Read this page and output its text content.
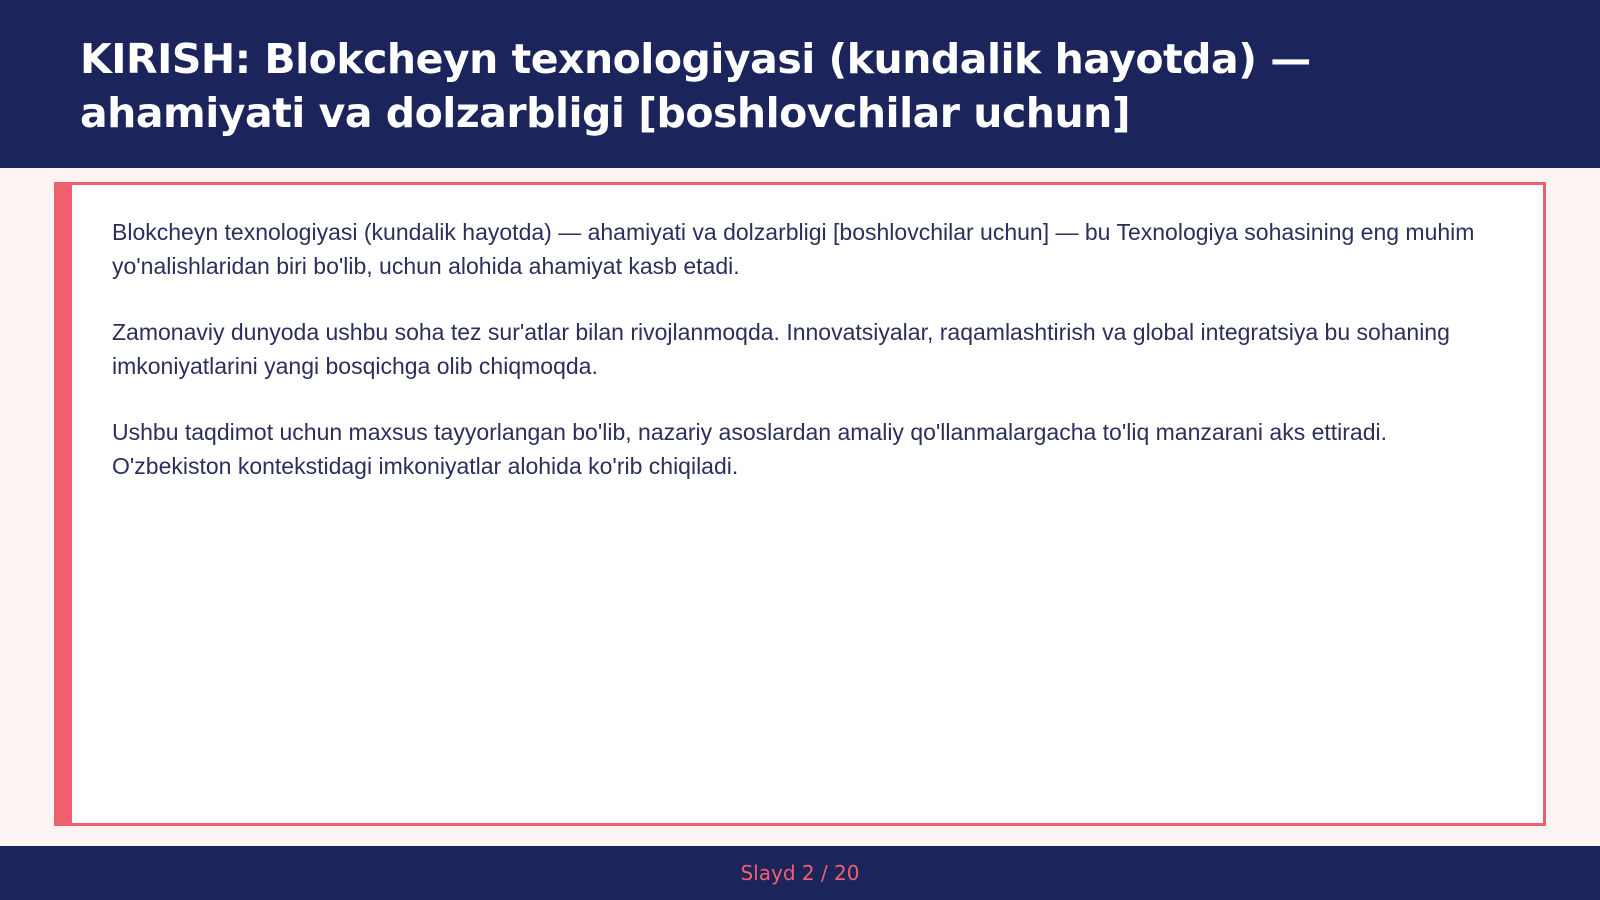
KIRISH: Blokcheyn texnologiyasi (kundalik hayotda) — ahamiyati va dolzarbligi [boshlovchilar uchun]

Blokcheyn texnologiyasi (kundalik hayotda) — ahamiyati va dolzarbligi [boshlovchilar uchun] — bu Texnologiya sohasining eng muhim yo'nalishlaridan biri bo'lib, uchun alohida ahamiyat kasb etadi.

Zamonaviy dunyoda ushbu soha tez sur'atlar bilan rivojlanmoqda. Innovatsiyalar, raqamlashtirish va global integratsiya bu sohaning imkoniyatlarini yangi bosqichga olib chiqmoqda.

Ushbu taqdimot uchun maxsus tayyorlangan bo'lib, nazariy asoslardan amaliy qo'llanmalargacha to'liq manzarani aks ettiradi. O'zbekiston kontekstidagi imkoniyatlar alohida ko'rib chiqiladi.

Slayd 2 / 20
